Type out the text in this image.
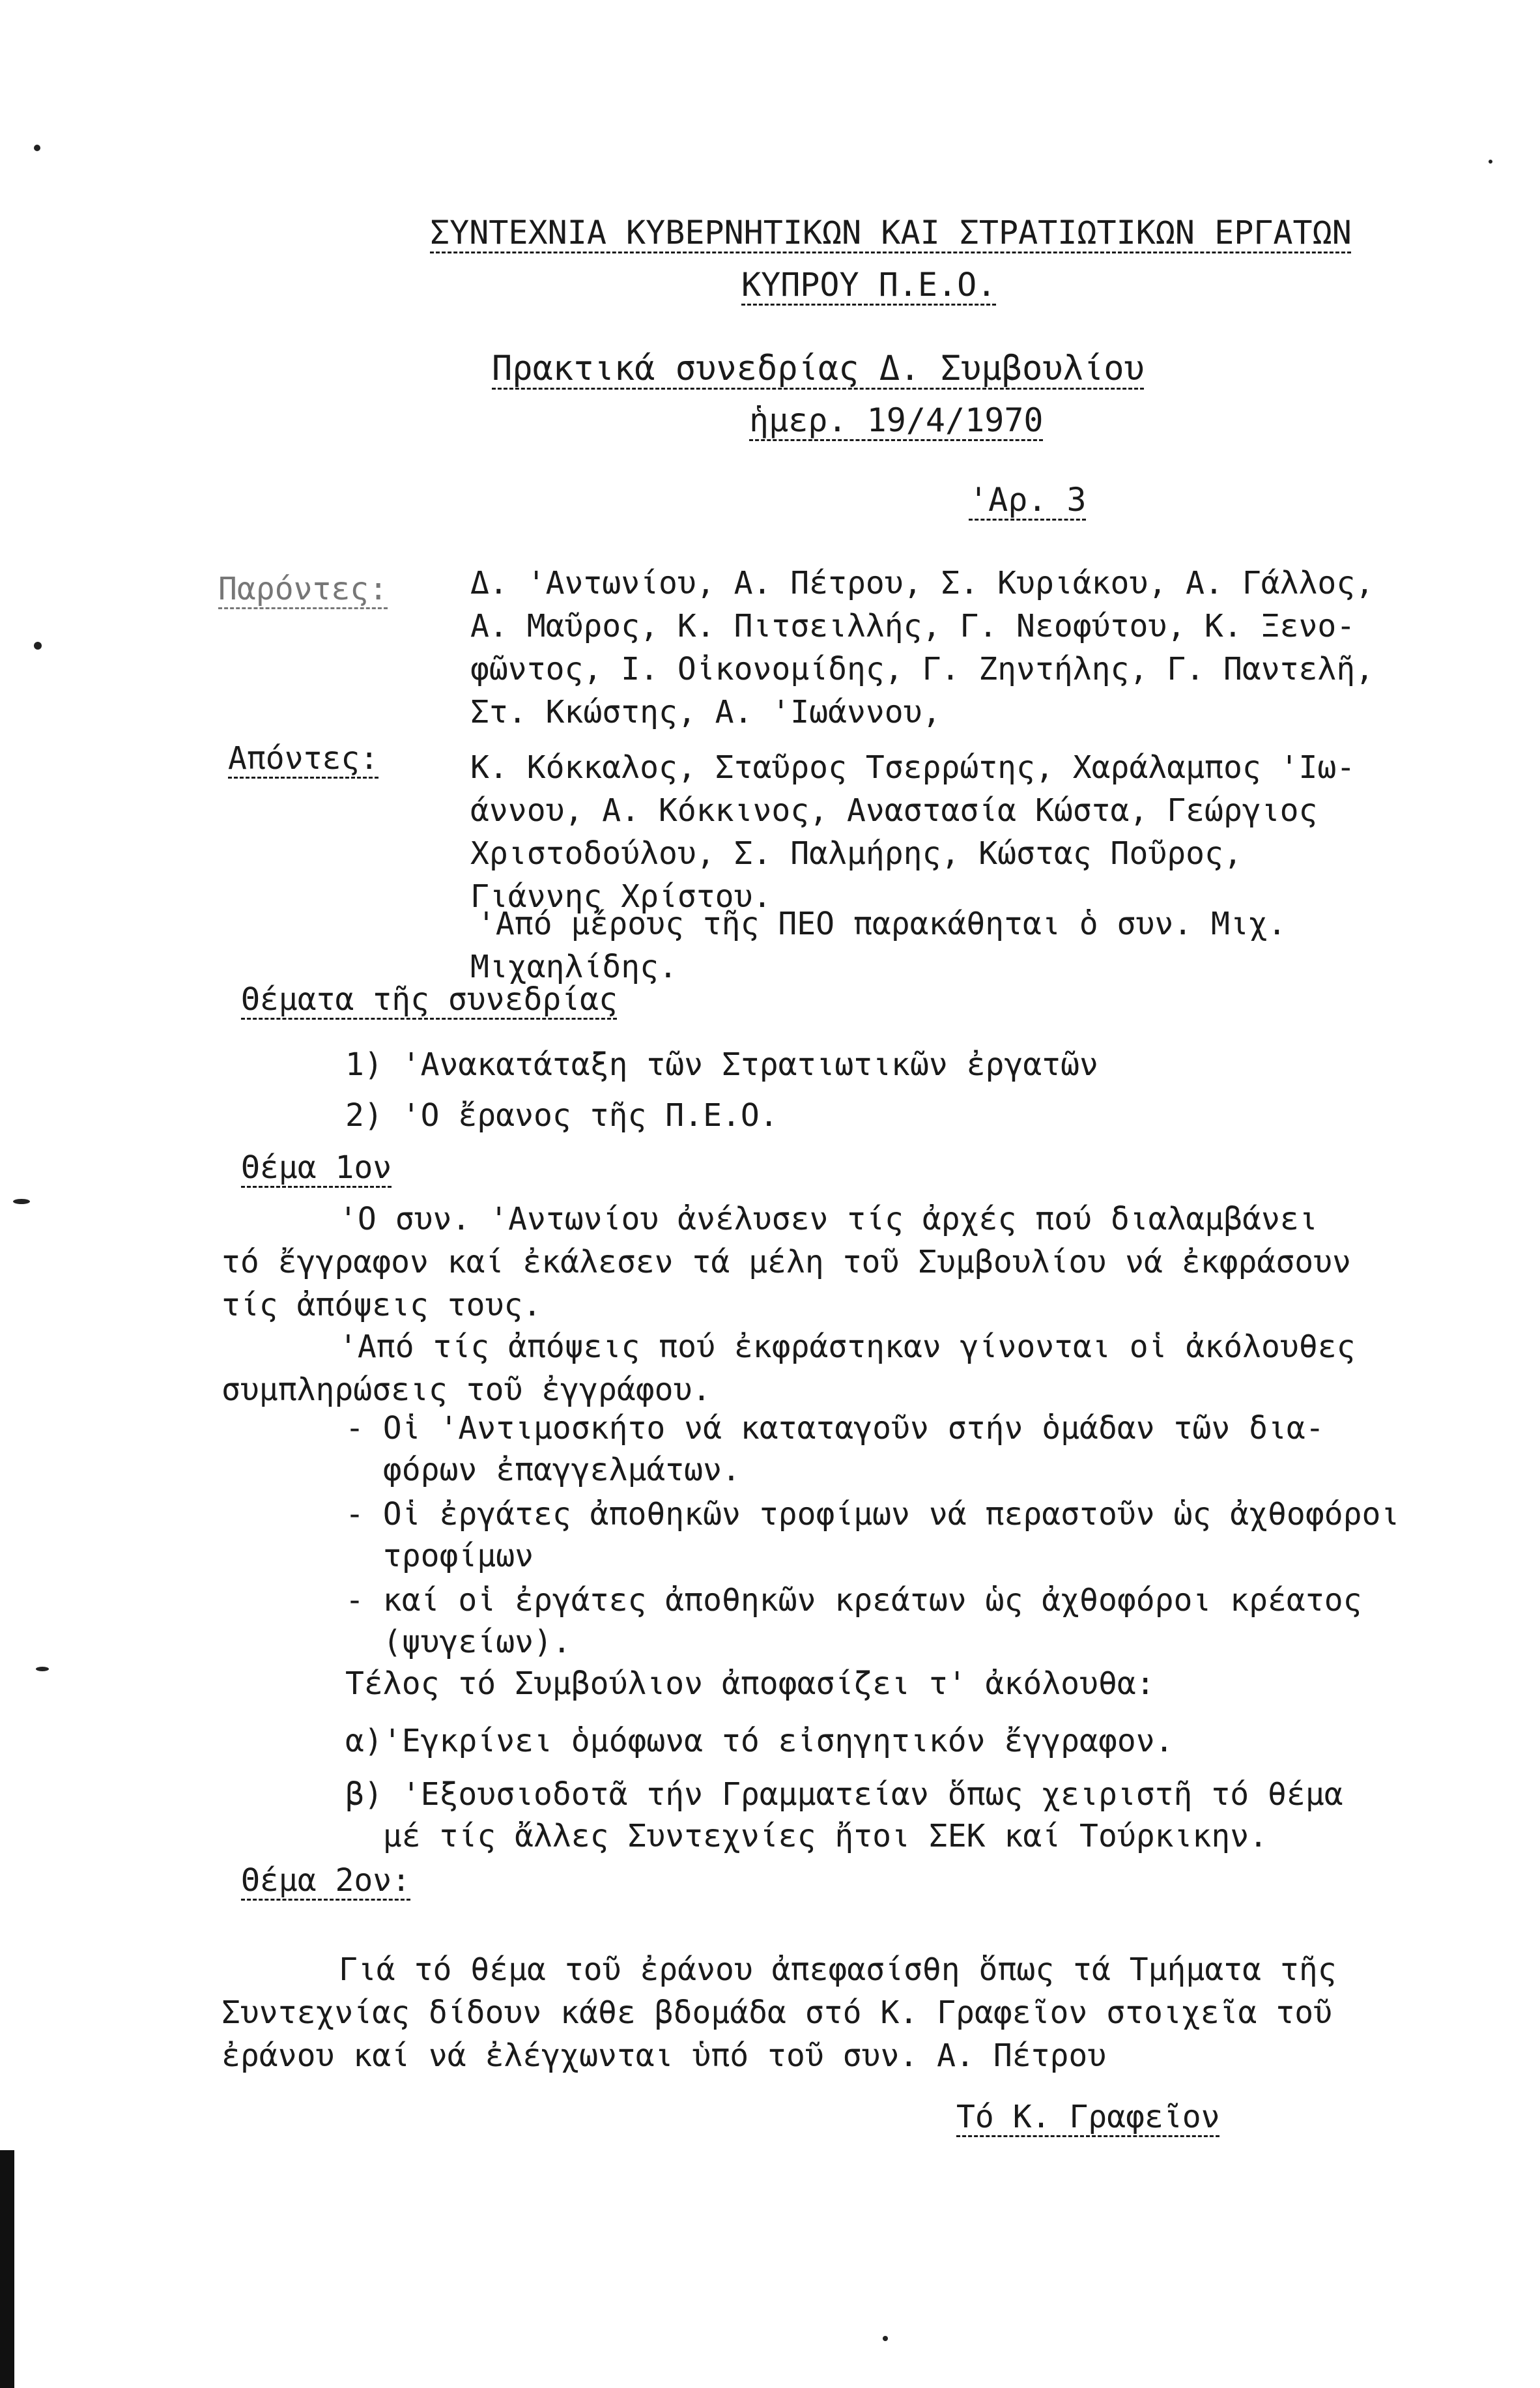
ΣΥΝΤΕΧΝΙΑ ΚΥΒΕΡΝΗΤΙΚΩΝ ΚΑΙ ΣΤΡΑΤΙΩΤΙΚΩΝ ΕΡΓΑΤΩΝ
ΚΥΠΡΟΥ Π.Ε.Ο.
Πρακτικά συνεδρίας Δ. Συμβουλίου
ἡμερ. 19/4/1970
'Αρ. 3
Παρόντες:	Δ. 'Αντωνίου, Α. Πέτρου, Σ. Κυριάκου, Α. Γάλλος,

Α. Μαῦρος, Κ. Πιτσειλλής, Γ. Νεοφύτου, Κ. Ξενο-

φῶντος, Ι. Οἰκονομίδης, Γ. Ζηντήλης, Γ. Παντελῆ,

Στ. Κκώστης, Α. 'Ιωάννου,

Απόντες:	Κ. Κόκκαλος, Σταῦρος Τσερρώτης, Χαράλαμπος 'Ιω-

άννου, Α. Κόκκινος, Αναστασία Κώστα, Γεώργιος

Χριστοδούλου, Σ. Παλμήρης, Κώστας Ποῦρος,

Γιάννης Χρίστου.

'Από μέρους τῆς ΠΕΟ παρακάθηται ὁ συν. Μιχ.

Μιχαηλίδης.

Θέματα τῆς συνεδρίας
1) 'Ανακατάταξη τῶν Στρατιωτικῶν ἐργατῶν
2) 'Ο ἔρανος τῆς Π.Ε.Ο.
Θέμα 1ον

'Ο συν. 'Αντωνίου ἀνέλυσεν τίς ἀρχές πού διαλαμβάνει

τό ἔγγραφον καί ἐκάλεσεν τά μέλη τοῦ Συμβουλίου νά ἐκφράσουν

τίς ἀπόψεις τους.

'Από τίς ἀπόψεις πού ἐκφράστηκαν γίνονται οἱ ἀκόλουθες

συμπληρώσεις τοῦ ἐγγράφου.

- Οἱ 'Αντιμοσκήτο νά καταταγοῦν στήν ὁμάδαν τῶν δια-
φόρων ἐπαγγελμάτων.
- Οἱ ἐργάτες ἀποθηκῶν τροφίμων νά περαστοῦν ὡς ἀχθοφόροι
τροφίμων
- καί οἱ ἐργάτες ἀποθηκῶν κρεάτων ὡς ἀχθοφόροι κρέατος
(ψυγείων).
Τέλος τό Συμβούλιον ἀποφασίζει τ' ἀκόλουθα:
α)'Εγκρίνει ὁμόφωνα τό εἰσηγητικόν ἔγγραφον.
β) 'Εξουσιοδοτᾶ τήν Γραμματείαν ὅπως χειριστῆ τό θέμα
μέ τίς ἄλλες Συντεχνίες ἤτοι ΣΕΚ καί Τούρκικην.
Θέμα 2ον:

Γιά τό θέμα τοῦ ἐράνου ἀπεφασίσθη ὅπως τά Τμήματα τῆς

Συντεχνίας δίδουν κάθε βδομάδα στό Κ. Γραφεῖον στοιχεῖα τοῦ

ἐράνου καί νά ἐλέγχωνται ὑπό τοῦ συν. Α. Πέτρου

Τό Κ. Γραφεῖον
